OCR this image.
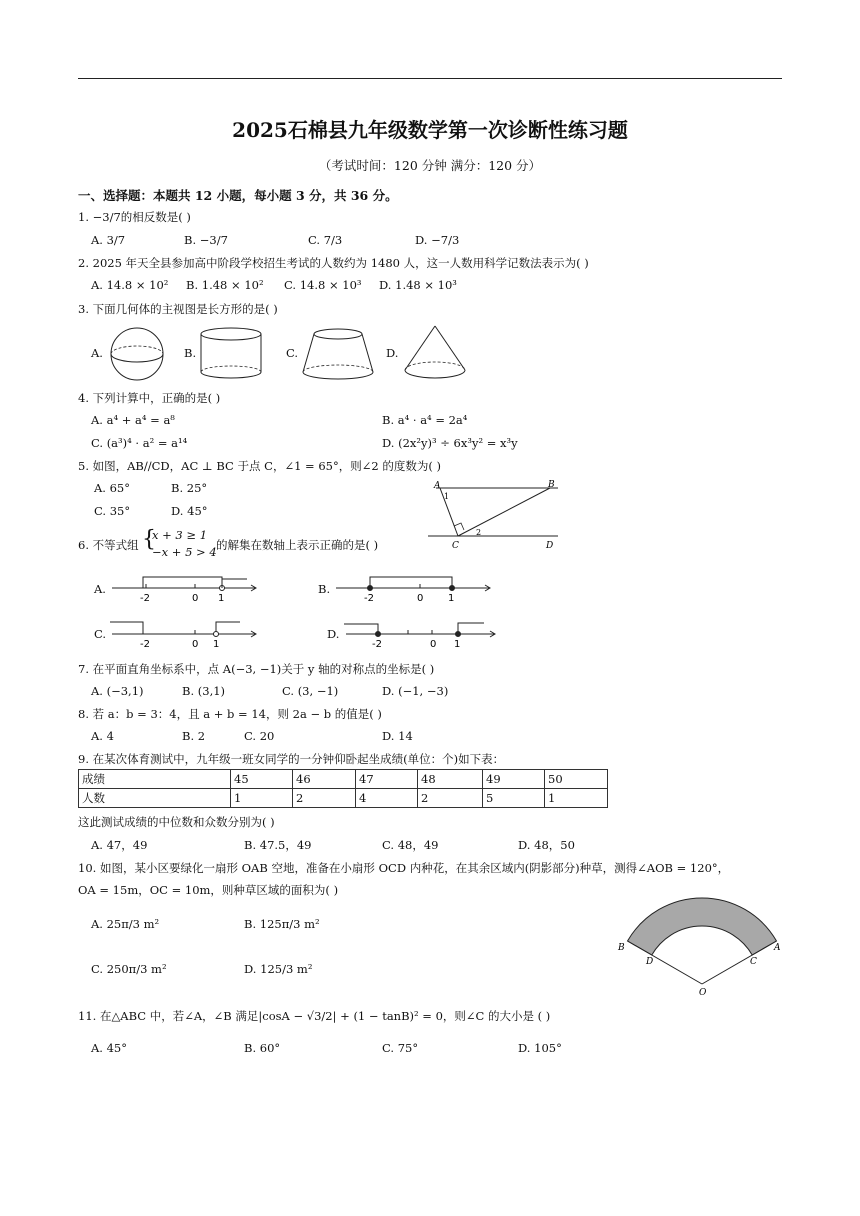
2025石棉县九年级数学第一次诊断性练习题
（考试时间：120 分钟 满分：120 分）
一、选择题：本题共 12 小题，每小题 3 分，共 36 分。
1. −3/7的相反数是( )
A. 3/7	B. −3/7	C. 7/3	D. −7/3
2. 2025 年天全县参加高中阶段学校招生考试的人数约为 1480 人，这一人数用科学记数法表示为( )
A. 14.8 × 10² B. 1.48 × 10² C. 14.8 × 10³ D. 1.48 × 10³
3. 下面几何体的主视图是长方形的是( )
A.	B.	C.	D.
4. 下列计算中，正确的是( )
A. a⁴ + a⁴ = a⁸	B. a⁴ · a⁴ = 2a⁴
C. (a³)⁴ · a² = a¹⁴	D. (2x²y)³ ÷ 6x³y² = x³y
5. 如图，AB∕∕CD，AC ⊥ BC 于点 C，∠1 = 65°，则∠2 的度数为( )
A. 65°	B. 25°
C. 35°	D. 45°
A	B
C	D
1
2
6. 不等式组 {
x + 3 ≥ 1
−x + 5 > 4 的解集在数轴上表示正确的是( )
A.	B.
C.	D.
-2	0 1	-2	0 1
-2	0 1	-2	0 1
7. 在平面直角坐标系中，点 A(−3, −1)关于 y 轴的对称点的坐标是( )
A. (−3,1)	B. (3,1)	C. (3, −1)	D. (−1, −3)
8. 若 a：b = 3：4，且 a + b = 14，则 2a − b 的值是( )
A. 4	B. 2	C. 20	D. 14
9. 在某次体育测试中，九年级一班女同学的一分钟仰卧起坐成绩(单位：个)如下表：
成绩	45	46	47	48	49	50
人数	1	2	4	2	5	1
这此测试成绩的中位数和众数分别为( )
A. 47，49	B. 47.5，49	C. 48，49	D. 48，50
10. 如图，某小区要绿化一扇形 OAB 空地，准备在小扇形 OCD 内种花，在其余区域内(阴影部分)种草，测得∠AOB = 120°，
OA = 15m，OC = 10m，则种草区域的面积为( )
A. 25π/3 m²	B. 125π/3 m²
C. 250π/3 m²	D. 125/3 m²
B
D	C
A
O
11. 在△ABC 中，若∠A，∠B 满足|cosA − √3/2| + (1 − tanB)² = 0，则∠C 的大小是 ( )
A. 45°	B. 60°	C. 75°	D. 105°
